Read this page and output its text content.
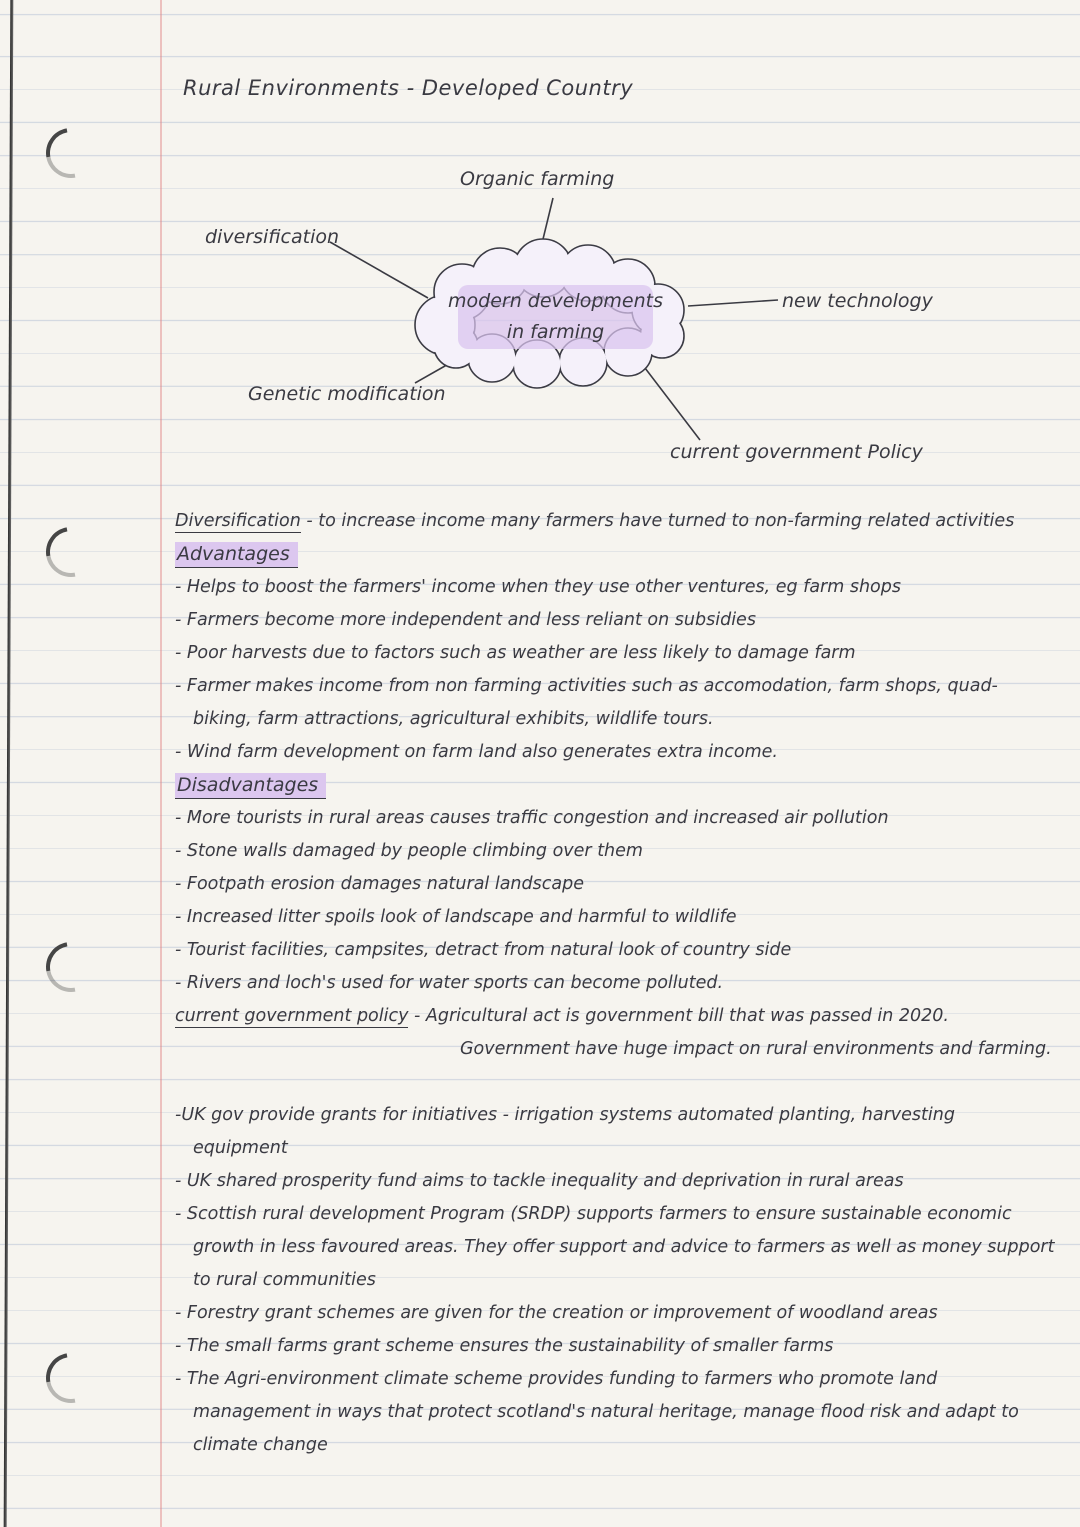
Rural Environments - Developed Country
modern developments
in farming
Organic farming
diversification
new technology
Genetic modification
current government Policy

Diversification - to increase income many farmers have turned to non-farming related activities

Advantages

- Helps to boost the farmers' income when they use other ventures, eg farm shops

- Farmers become more independent and less reliant on subsidies

- Poor harvests due to factors such as weather are less likely to damage farm

- Farmer makes income from non farming activities such as accomodation, farm shops, quad-biking, farm attractions, agricultural exhibits, wildlife tours.

- Wind farm development on farm land also generates extra income.

Disadvantages

- More tourists in rural areas causes traffic congestion and increased air pollution

- Stone walls damaged by people climbing over them

- Footpath erosion damages natural landscape

- Increased litter spoils look of landscape and harmful to wildlife

- Tourist facilities, campsites, detract from natural look of country side

- Rivers and loch's used for water sports can become polluted.

current government policy - Agricultural act is government bill that was passed in 2020. Government have huge impact on rural environments and farming.

-UK gov provide grants for initiatives - irrigation systems automated planting, harvesting equipment

- UK shared prosperity fund aims to tackle inequality and deprivation in rural areas

- Scottish rural development Program (SRDP) supports farmers to ensure sustainable economic growth in less favoured areas. They offer support and advice to farmers as well as money support to rural communities

- Forestry grant schemes are given for the creation or improvement of woodland areas

- The small farms grant scheme ensures the sustainability of smaller farms

- The Agri-environment climate scheme provides funding to farmers who promote land management in ways that protect scotland's natural heritage, manage flood risk and adapt to climate change
